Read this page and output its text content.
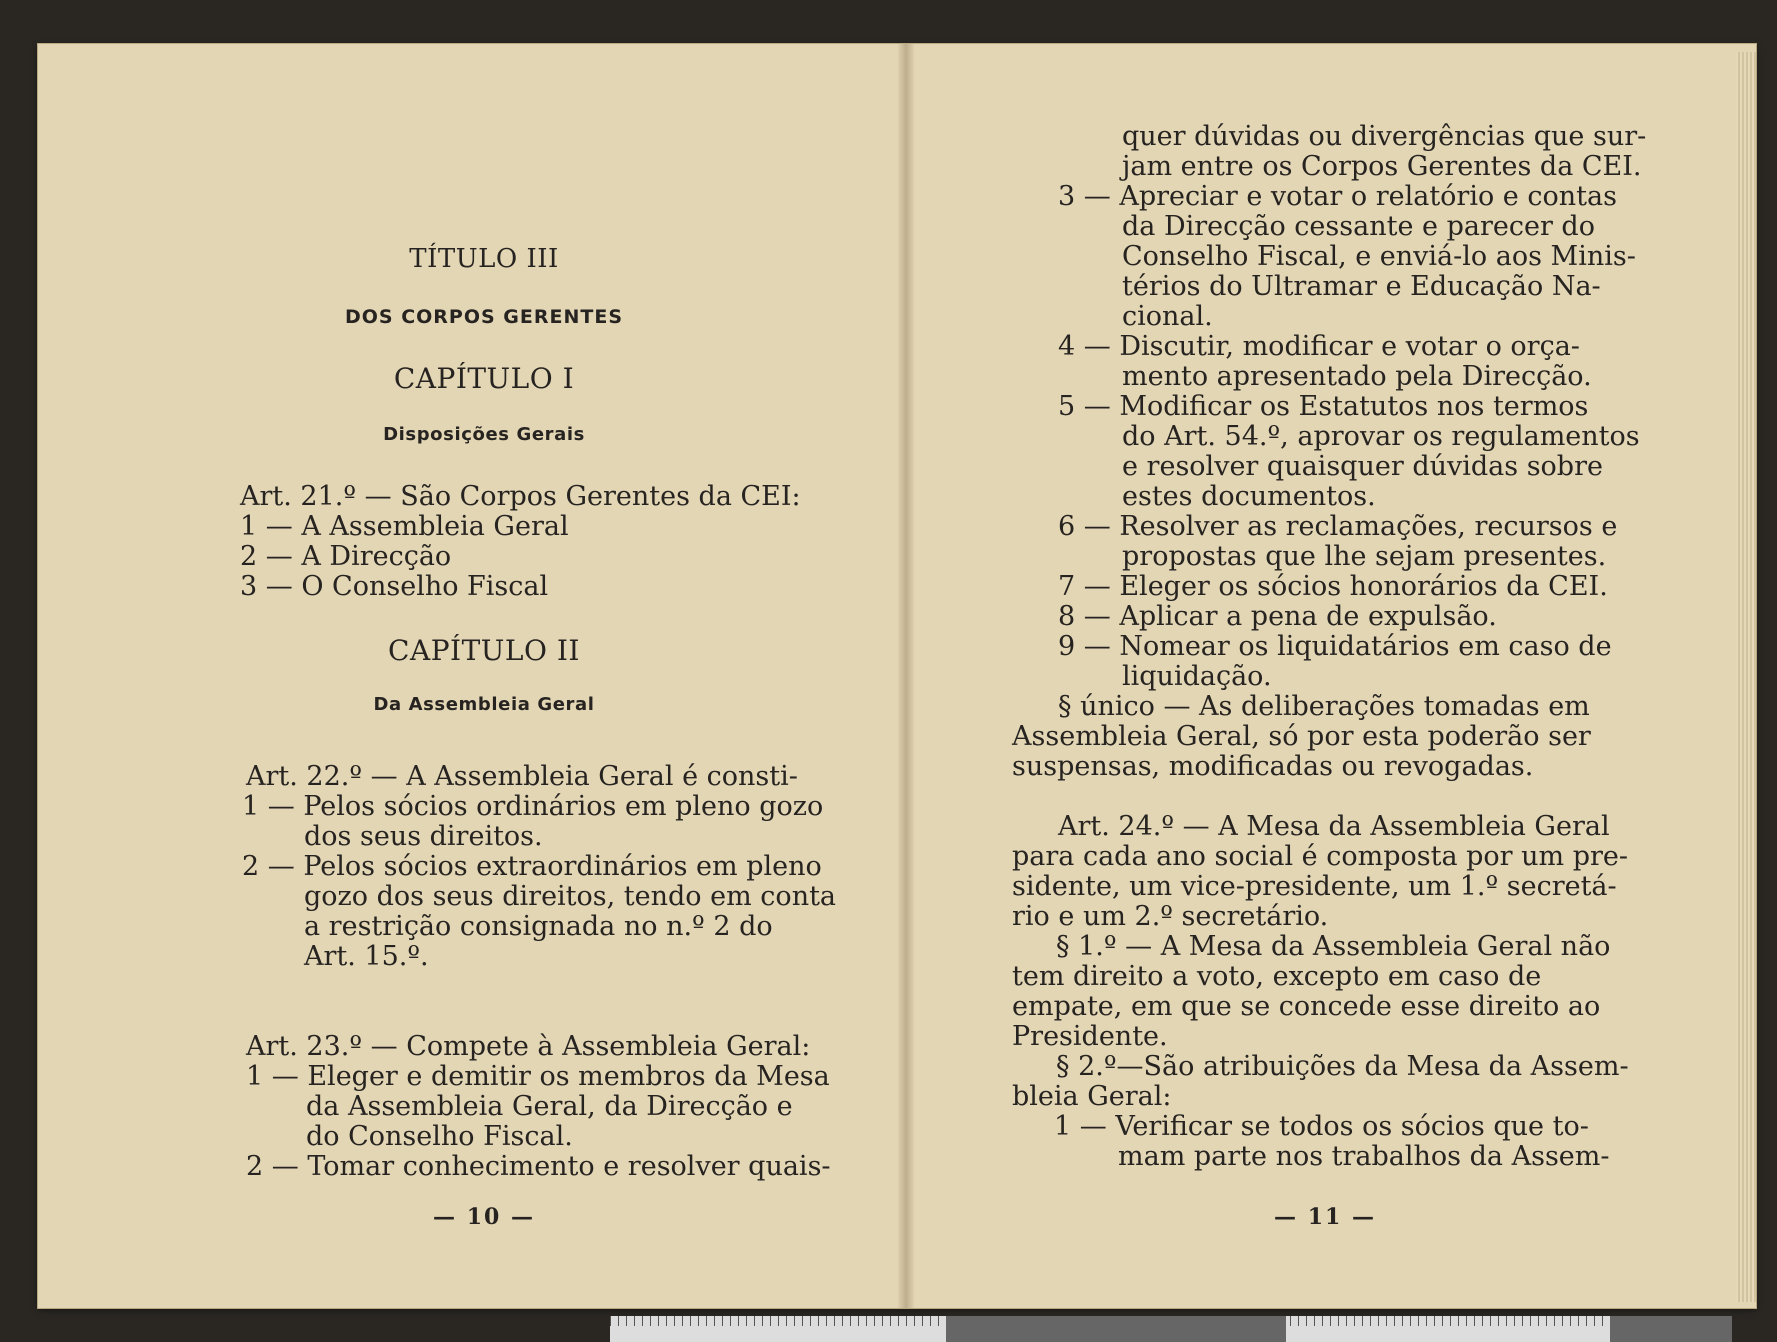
TÍTULO III
DOS CORPOS GERENTES
CAPÍTULO I
Disposições Gerais
Art. 21.º — São Corpos Gerentes da CEI:
1 — A Assembleia Geral
2 — A Direcção
3 — O Conselho Fiscal
CAPÍTULO II
Da Assembleia Geral
Art. 22.º — A Assembleia Geral é consti-
1 — Pelos sócios ordinários em pleno gozo
dos seus direitos.
2 — Pelos sócios extraordinários em pleno
gozo dos seus direitos, tendo em conta
a restrição consignada no n.º 2 do
Art. 15.º.
Art. 23.º — Compete à Assembleia Geral:
1 — Eleger e demitir os membros da Mesa
da Assembleia Geral, da Direcção e
do Conselho Fiscal.
2 — Tomar conhecimento e resolver quais-
— 10 —
quer dúvidas ou divergências que sur-
jam entre os Corpos Gerentes da CEI.
3 — Apreciar e votar o relatório e contas
da Direcção cessante e parecer do
Conselho Fiscal, e enviá-lo aos Minis-
térios do Ultramar e Educação Na-
cional.
4 — Discutir, modificar e votar o orça-
mento apresentado pela Direcção.
5 — Modificar os Estatutos nos termos
do Art. 54.º, aprovar os regulamentos
e resolver quaisquer dúvidas sobre
estes documentos.
6 — Resolver as reclamações, recursos e
propostas que lhe sejam presentes.
7 — Eleger os sócios honorários da CEI.
8 — Aplicar a pena de expulsão.
9 — Nomear os liquidatários em caso de
liquidação.
§ único — As deliberações tomadas em
Assembleia Geral, só por esta poderão ser
suspensas, modificadas ou revogadas.
Art. 24.º — A Mesa da Assembleia Geral
para cada ano social é composta por um pre-
sidente, um vice-presidente, um 1.º secretá-
rio e um 2.º secretário.
§ 1.º — A Mesa da Assembleia Geral não
tem direito a voto, excepto em caso de
empate, em que se concede esse direito ao
Presidente.
§ 2.º—São atribuições da Mesa da Assem-
bleia Geral:
1 — Verificar se todos os sócios que to-
mam parte nos trabalhos da Assem-
— 11 —
